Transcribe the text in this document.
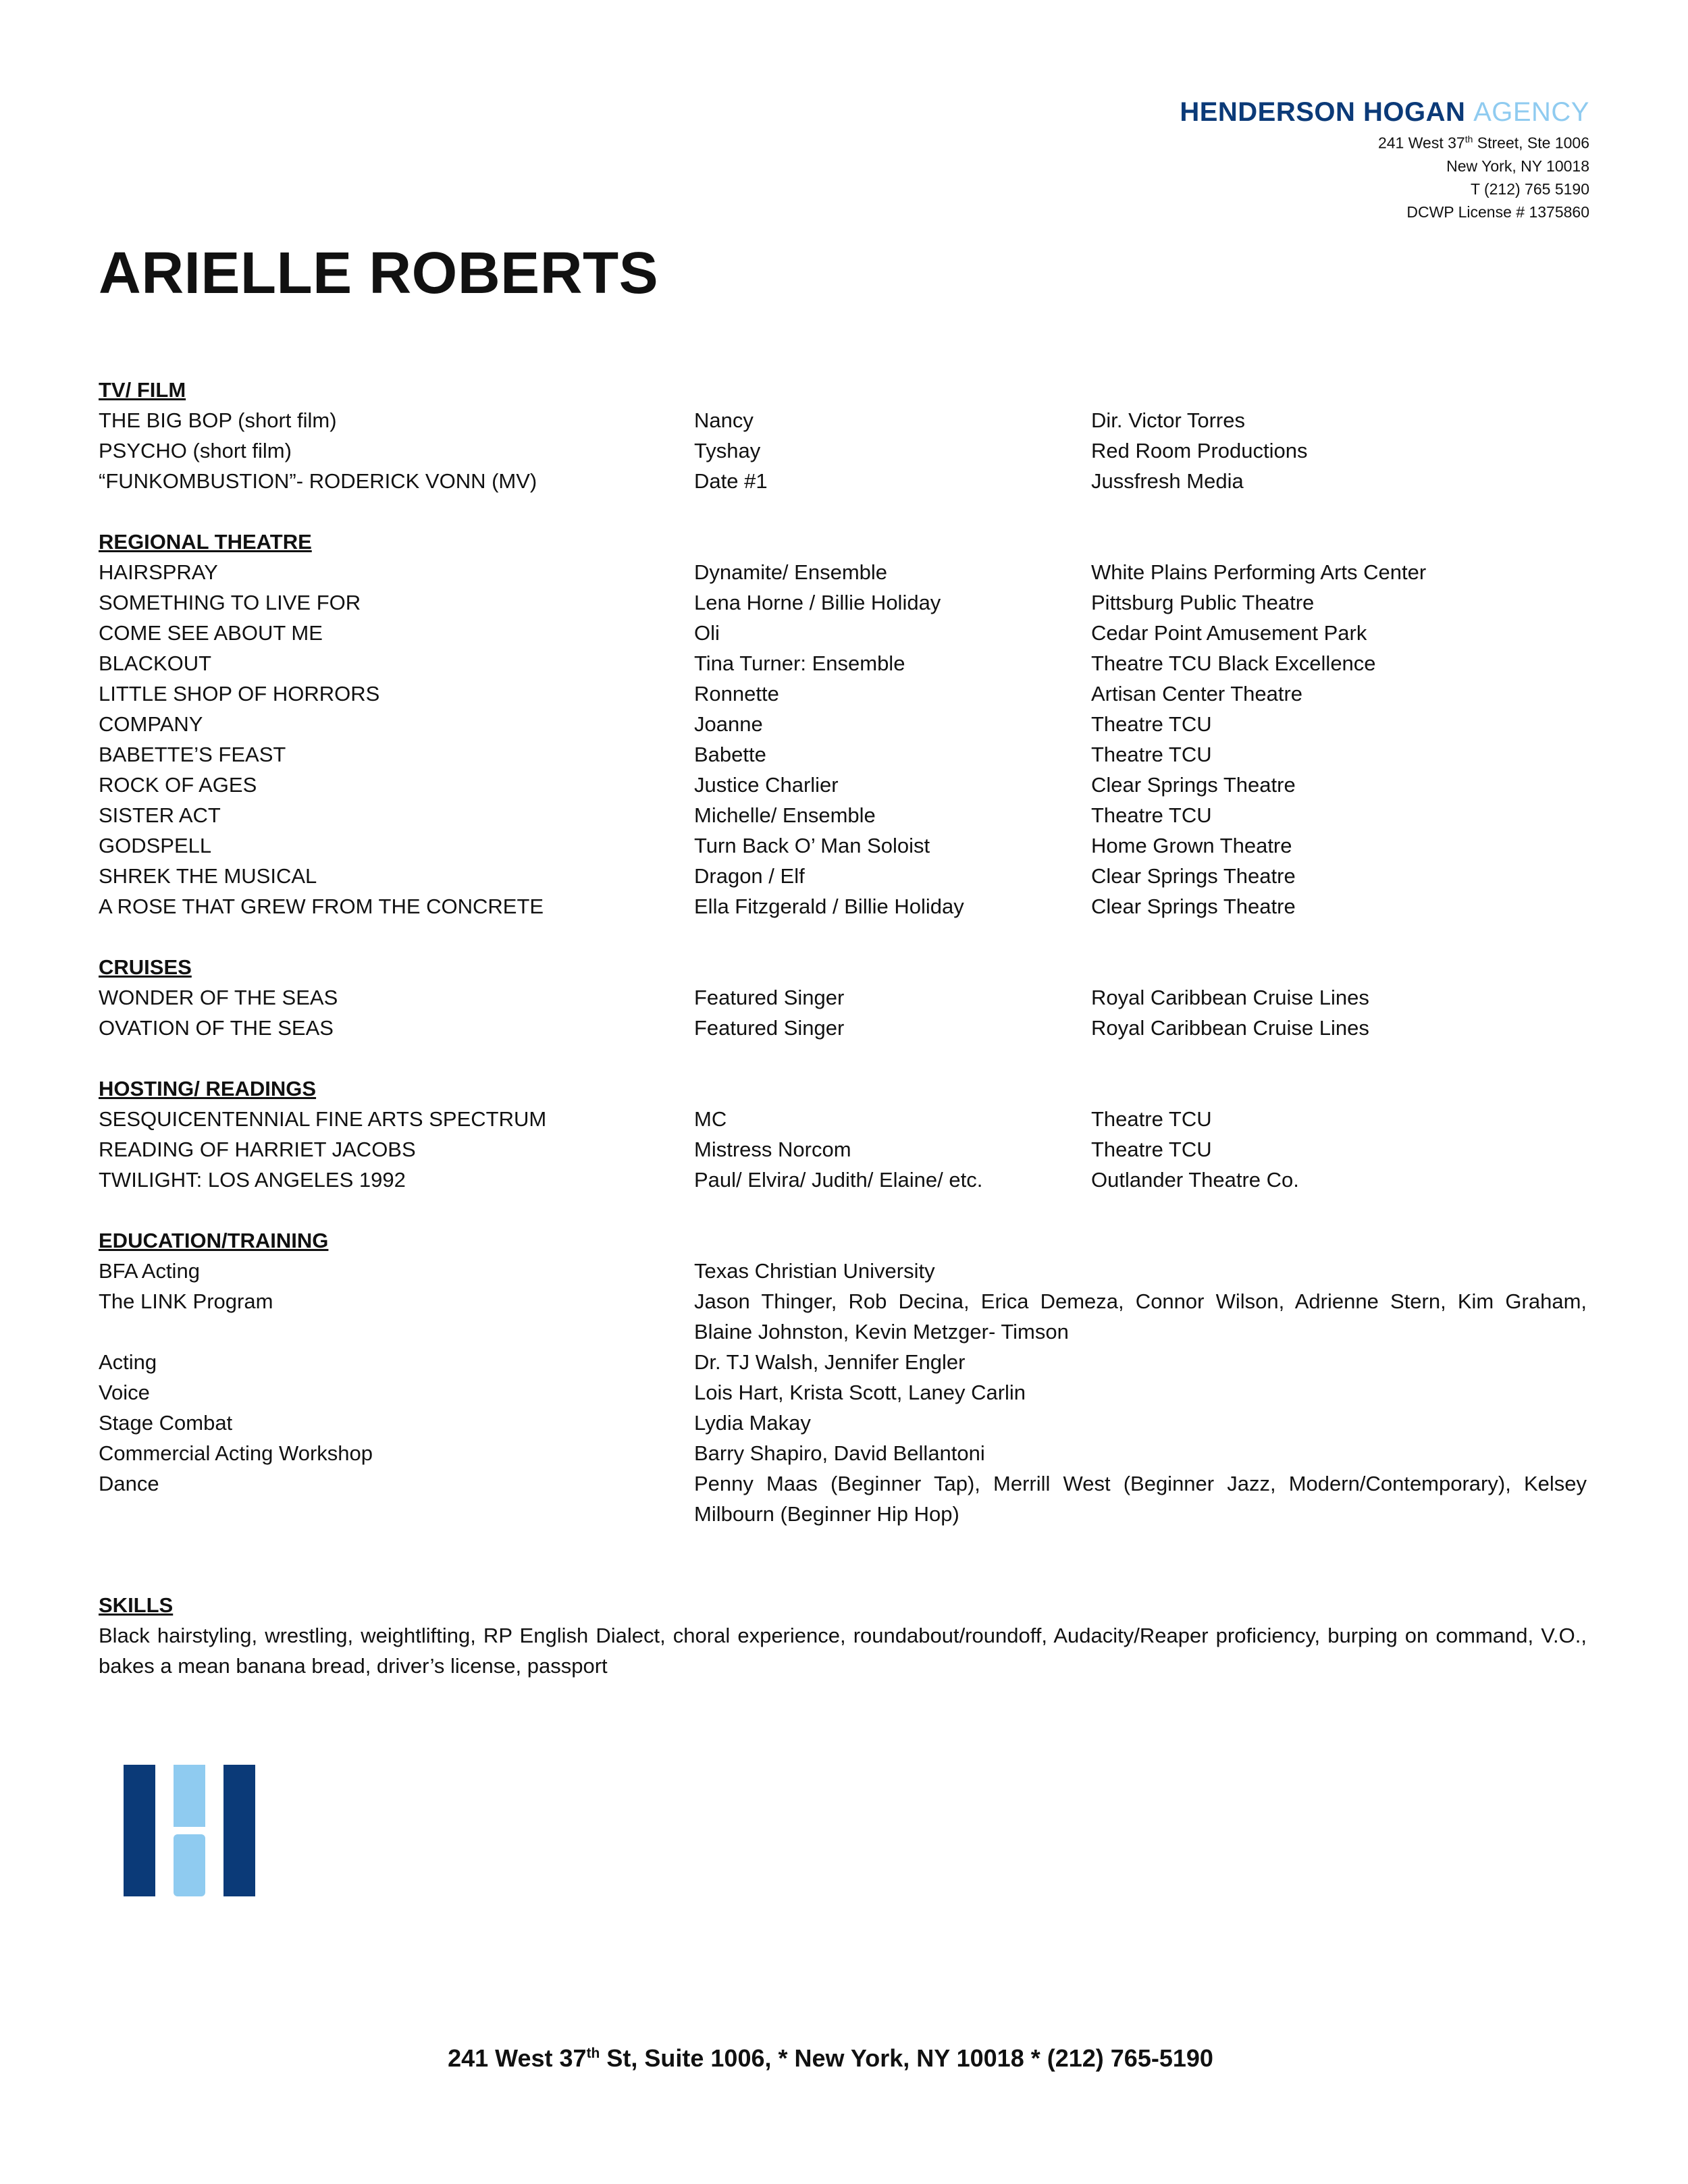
HENDERSON HOGAN AGENCY
241 West 37th Street, Ste 1006
New York, NY 10018
T (212) 765 5190
DCWP License # 1375860
ARIELLE ROBERTS
TV/ FILM
THE BIG BOP (short film)	Nancy	Dir. Victor Torres
PSYCHO (short film)	Tyshay	Red Room Productions
“FUNKOMBUSTION”- RODERICK VONN (MV)	Date #1	Jussfresh Media
REGIONAL THEATRE
HAIRSPRAY	Dynamite/ Ensemble	White Plains Performing Arts Center
SOMETHING TO LIVE FOR	Lena Horne / Billie Holiday	Pittsburg Public Theatre
COME SEE ABOUT ME	Oli	Cedar Point Amusement Park
BLACKOUT	Tina Turner: Ensemble	Theatre TCU Black Excellence
LITTLE SHOP OF HORRORS	Ronnette	Artisan Center Theatre
COMPANY	Joanne	Theatre TCU
BABETTE’S FEAST	Babette	Theatre TCU
ROCK OF AGES	Justice Charlier	Clear Springs Theatre
SISTER ACT	Michelle/ Ensemble	Theatre TCU
GODSPELL	Turn Back O’ Man Soloist	Home Grown Theatre
SHREK THE MUSICAL	Dragon / Elf	Clear Springs Theatre
A ROSE THAT GREW FROM THE CONCRETE	Ella Fitzgerald / Billie Holiday	Clear Springs Theatre
CRUISES
WONDER OF THE SEAS	Featured Singer	Royal Caribbean Cruise Lines
OVATION OF THE SEAS	Featured Singer	Royal Caribbean Cruise Lines
HOSTING/ READINGS
SESQUICENTENNIAL FINE ARTS SPECTRUM	MC	Theatre TCU
READING OF HARRIET JACOBS	Mistress Norcom	Theatre TCU
TWILIGHT: LOS ANGELES 1992	Paul/ Elvira/ Judith/ Elaine/ etc.	Outlander Theatre Co.
EDUCATION/TRAINING
BFA Acting	Texas Christian University
The LINK Program	Jason Thinger, Rob Decina, Erica Demeza, Connor Wilson, Adrienne Stern, Kim Graham, Blaine Johnston, Kevin Metzger- Timson
Acting	Dr. TJ Walsh, Jennifer Engler
Voice	Lois Hart, Krista Scott, Laney Carlin
Stage Combat	Lydia Makay
Commercial Acting Workshop	Barry Shapiro, David Bellantoni
Dance	Penny Maas (Beginner Tap), Merrill West (Beginner Jazz, Modern/Contemporary), Kelsey Milbourn (Beginner Hip Hop)
SKILLS
Black hairstyling, wrestling, weightlifting, RP English Dialect, choral experience, roundabout/roundoff, Audacity/Reaper proficiency, burping on command, V.O., bakes a mean banana bread, driver’s license, passport
241 West 37th St, Suite 1006, * New York, NY 10018 * (212) 765-5190
